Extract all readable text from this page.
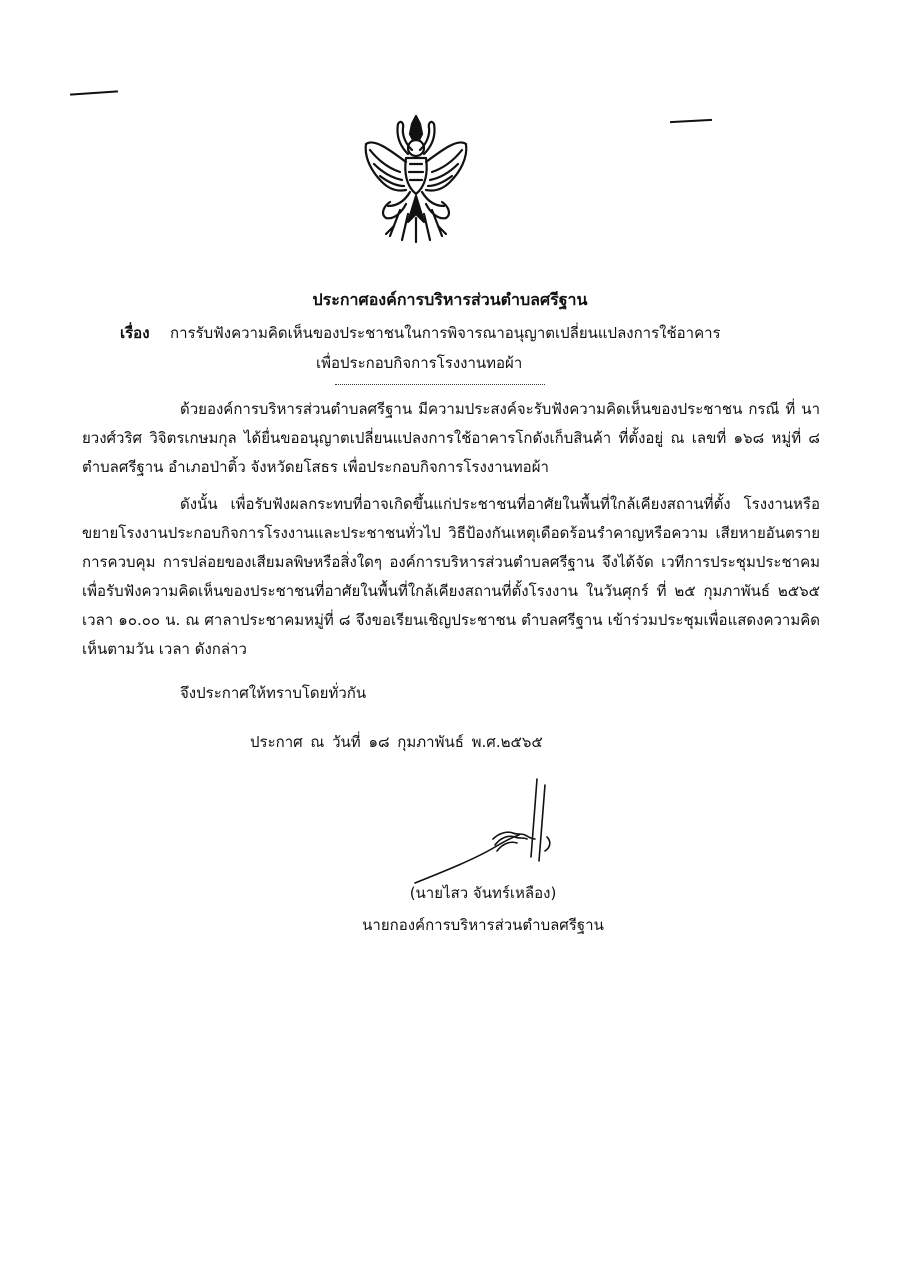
ประกาศองค์การบริหารส่วนตำบลศรีฐาน
เรื่อง การรับฟังความคิดเห็นของประชาชนในการพิจารณาอนุญาตเปลี่ยนแปลงการใช้อาคาร
เพื่อประกอบกิจการโรงงานทอผ้า

ด้วยองค์การบริหารส่วนตำบลศรีฐาน มีความประสงค์จะรับฟังความคิดเห็นของประชาชน กรณี ที่ นายวงศ์วริศ วิจิตรเกษมกุล ได้ยื่นขออนุญาตเปลี่ยนแปลงการใช้อาคารโกดังเก็บสินค้า ที่ตั้งอยู่ ณ เลขที่ ๑๖๘ หมู่ที่ ๘ ตำบลศรีฐาน อำเภอป่าติ้ว จังหวัดยโสธร เพื่อประกอบกิจการโรงงานทอผ้า

ดังนั้น เพื่อรับฟังผลกระทบที่อาจเกิดขึ้นแก่ประชาชนที่อาศัยในพื้นที่ใกล้เคียงสถานที่ตั้ง โรงงานหรือขยายโรงงานประกอบกิจการโรงงานและประชาชนทั่วไป วิธีป้องกันเหตุเดือดร้อนรำคาญหรือความ เสียหายอันตรายการควบคุม การปล่อยของเสียมลพิษหรือสิ่งใดๆ องค์การบริหารส่วนตำบลศรีฐาน จึงได้จัด เวทีการประชุมประชาคมเพื่อรับฟังความคิดเห็นของประชาชนที่อาศัยในพื้นที่ใกล้เคียงสถานที่ตั้งโรงงาน ในวันศุกร์ ที่ ๒๕ กุมภาพันธ์ ๒๕๖๕ เวลา ๑๐.๐๐ น. ณ ศาลาประชาคมหมู่ที่ ๘ จึงขอเรียนเชิญประชาชน ตำบลศรีฐาน เข้าร่วมประชุมเพื่อแสดงความคิดเห็นตามวัน เวลา ดังกล่าว

จึงประกาศให้ทราบโดยทั่วกัน
ประกาศ ณ วันที่ ๑๘ กุมภาพันธ์ พ.ศ.๒๕๖๕
(นายไสว จันทร์เหลือง)
นายกองค์การบริหารส่วนตำบลศรีฐาน
